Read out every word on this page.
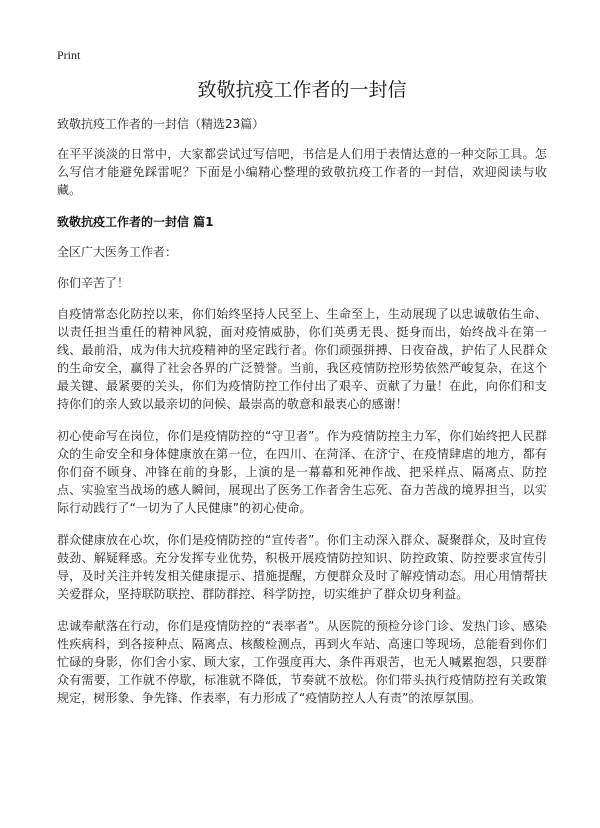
Print
致敬抗疫工作者的一封信

致敬抗疫工作者的一封信（精选23篇）

在平平淡淡的日常中，大家都尝试过写信吧，书信是人们用于表情达意的一种交际工具。怎么写信才能避免踩雷呢？下面是小编精心整理的致敬抗疫工作者的一封信，欢迎阅读与收藏。

致敬抗疫工作者的一封信 篇1

全区广大医务工作者：

你们辛苦了！

自疫情常态化防控以来，你们始终坚持人民至上、生命至上，生动展现了以忠诚敬佑生命、以责任担当重任的精神风貌，面对疫情威胁，你们英勇无畏、挺身而出，始终战斗在第一线、最前沿，成为伟大抗疫精神的坚定践行者。你们顽强拼搏、日夜奋战，护佑了人民群众的生命安全，赢得了社会各界的广泛赞誉。当前，我区疫情防控形势依然严峻复杂，在这个最关键、最紧要的关头，你们为疫情防控工作付出了艰辛、贡献了力量！在此，向你们和支持你们的亲人致以最亲切的问候、最崇高的敬意和最衷心的感谢！

初心使命写在岗位，你们是疫情防控的“守卫者”。作为疫情防控主力军，你们始终把人民群众的生命安全和身体健康放在第一位，在四川、在菏泽、在济宁、在疫情肆虐的地方，都有你们奋不顾身、冲锋在前的身影，上演的是一幕幕和死神作战、把采样点、隔离点、防控点、实验室当战场的感人瞬间，展现出了医务工作者舍生忘死、奋力苦战的境界担当，以实际行动践行了“一切为了人民健康”的初心使命。

群众健康放在心坎，你们是疫情防控的“宣传者”。你们主动深入群众、凝聚群众，及时宣传鼓劲、解疑释惑。充分发挥专业优势，积极开展疫情防控知识、防控政策、防控要求宣传引导，及时关注并转发相关健康提示、措施提醒，方便群众及时了解疫情动态。用心用情帮扶关爱群众，坚持联防联控、群防群控、科学防控，切实维护了群众切身利益。

忠诚奉献落在行动，你们是疫情防控的“表率者”。从医院的预检分诊门诊、发热门诊、感染性疾病科，到各接种点、隔离点、核酸检测点，再到火车站、高速口等现场，总能看到你们忙碌的身影，你们舍小家、顾大家，工作强度再大、条件再艰苦，也无人喊累抱怨，只要群众有需要，工作就不停歇，标准就不降低，节奏就不放松。你们带头执行疫情防控有关政策规定，树形象、争先锋、作表率，有力形成了“疫情防控人人有责”的浓厚氛围。
